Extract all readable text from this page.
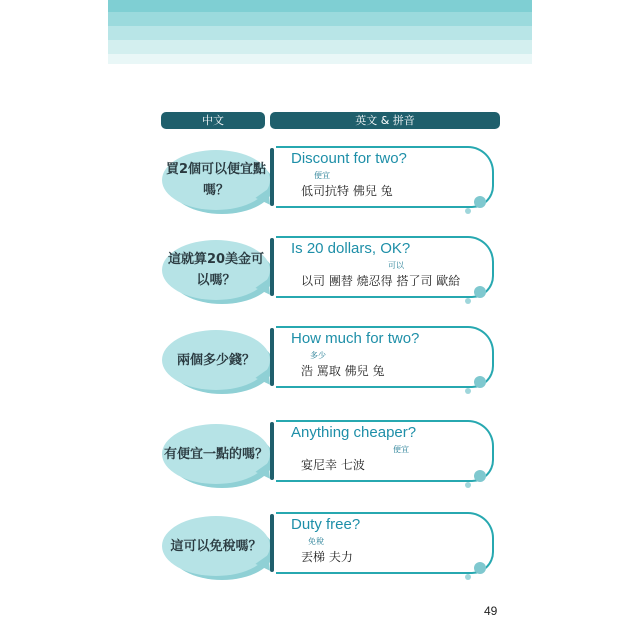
中文	英文 & 拼音
買2個可以便宜點嗎？
Discount for two?
便宜
低司抗特 佛兒 兔
這就算20美金可以嗎？
Is 20 dollars, OK?
可以
以司 團替 燒忍得 搭了司 歐給
兩個多少錢？
How much for two?
多少
浩 罵取 佛兒 兔
有便宜一點的嗎？
Anything cheaper?
便宜
宴尼幸 七波
這可以免稅嗎？
Duty free?
免稅
丟梯 夫力
49
